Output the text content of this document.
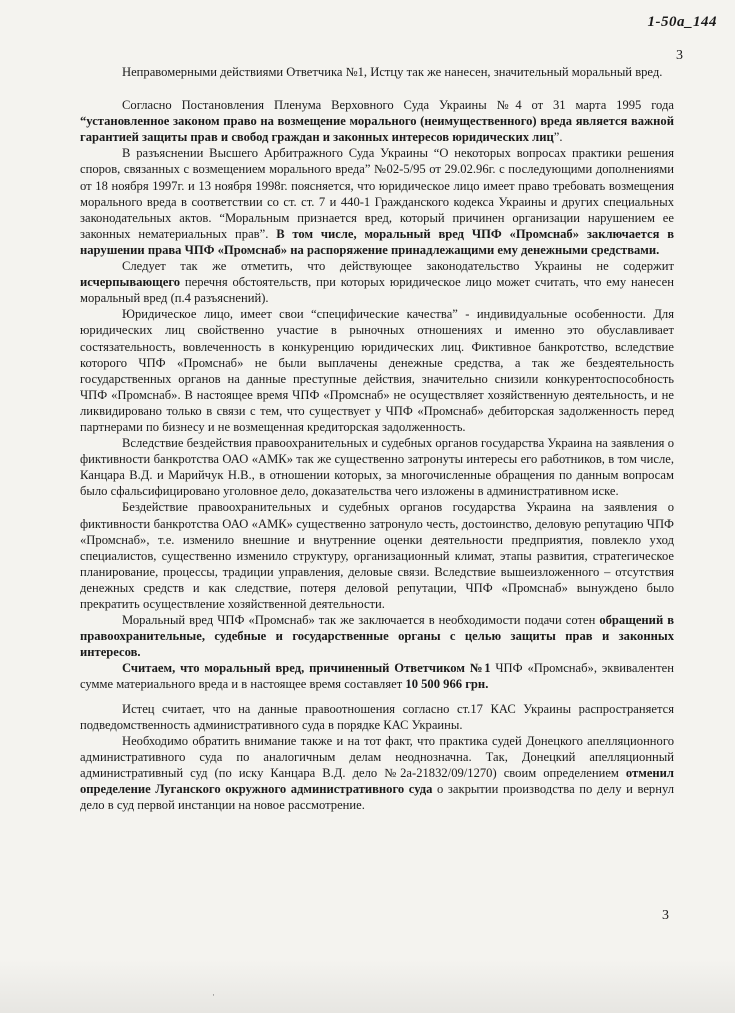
1-50а_144
3

Неправомерными действиями Ответчика №1, Истцу так же нанесен, значительный моральный вред.

Согласно Постановления Пленума Верховного Суда Украины №4 от 31 марта 1995 года “установленное законом право на возмещение морального (неимущественного) вреда является важной гарантией защиты прав и свобод граждан и законных интересов юридических лиц”.

В разъяснении Высшего Арбитражного Суда Украины “О некоторых вопросах практики решения споров, связанных с возмещением морального вреда” №02-5/95 от 29.02.96г. с последующими дополнениями от 18 ноября 1997г. и 13 ноября 1998г. поясняется, что юридическое лицо имеет право требовать возмещения морального вреда в соответствии со ст. ст. 7 и 440-1 Гражданского кодекса Украины и других специальных законодательных актов. “Моральным признается вред, который причинен организации нарушением ее законных нематериальных прав”. В том числе, моральный вред ЧПФ «Промснаб» заключается в нарушении права ЧПФ «Промснаб» на распоряжение принадлежащими ему денежными средствами.

Следует так же отметить, что действующее законодательство Украины не содержит исчерпывающего перечня обстоятельств, при которых юридическое лицо может считать, что ему нанесен моральный вред (п.4 разъяснений).

Юридическое лицо, имеет свои “специфические качества” - индивидуальные особенности. Для юридических лиц свойственно участие в рыночных отношениях и именно это обуславливает состязательность, вовлеченность в конкуренцию юридических лиц. Фиктивное банкротство, вследствие которого ЧПФ «Промснаб» не были выплачены денежные средства, а так же бездеятельность государственных органов на данные преступные действия, значительно снизили конкурентоспособность ЧПФ «Промснаб». В настоящее время ЧПФ «Промснаб» не осуществляет хозяйственную деятельность, и не ликвидировано только в связи с тем, что существует у ЧПФ «Промснаб» дебиторская задолженность перед партнерами по бизнесу и не возмещенная кредиторская задолженность.

Вследствие бездействия правоохранительных и судебных органов государства Украина на заявления о фиктивности банкротства ОАО «АМК» так же существенно затронуты интересы его работников, в том числе, Канцара В.Д. и Марийчук Н.В., в отношении которых, за многочисленные обращения по данным вопросам было сфальсифицировано уголовное дело, доказательства чего изложены в административном иске.

Бездействие правоохранительных и судебных органов государства Украина на заявления о фиктивности банкротства ОАО «АМК» существенно затронуло честь, достоинство, деловую репутацию ЧПФ «Промснаб», т.е. изменило внешние и внутренние оценки деятельности предприятия, повлекло уход специалистов, существенно изменило структуру, организационный климат, этапы развития, стратегическое планирование, процессы, традиции управления, деловые связи. Вследствие вышеизложенного – отсутствия денежных средств и как следствие, потеря деловой репутации, ЧПФ «Промснаб» вынуждено было прекратить осуществление хозяйственной деятельности.

Моральный вред ЧПФ «Промснаб» так же заключается в необходимости подачи сотен обращений в правоохранительные, судебные и государственные органы с целью защиты прав и законных интересов.

Считаем, что моральный вред, причиненный Ответчиком №1 ЧПФ «Промснаб», эквивалентен сумме материального вреда и в настоящее время составляет 10 500 966 грн.

Истец считает, что на данные правоотношения согласно ст.17 КАС Украины распространяется подведомственность административного суда в порядке КАС Украины.

Необходимо обратить внимание также и на тот факт, что практика судей Донецкого апелляционного административного суда по аналогичным делам неоднозначна. Так, Донецкий апелляционный административный суд (по иску Канцара В.Д. дело №2а-21832/09/1270) своим определением отменил определение Луганского окружного административного суда о закрытии производства по делу и вернул дело в суд первой инстанции на новое рассмотрение.

3
·
